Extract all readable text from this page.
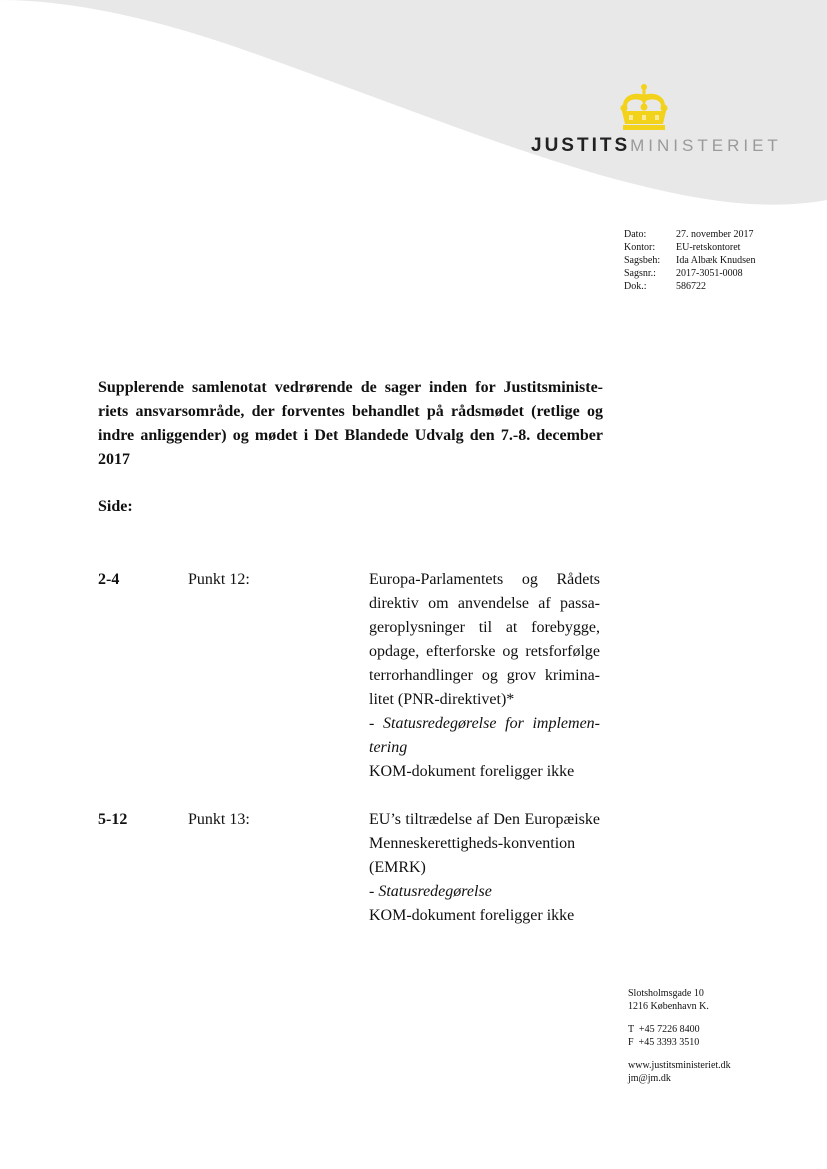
JUSTITSMINISTERIET
Dato:	27. november 2017
Kontor:	EU-retskontoret
Sagsbeh:	Ida Albæk Knudsen
Sagsnr.:	2017-3051-0008
Dok.:	586722
Supplerende samlenotat vedrørende de sager inden for Justitsministe-riets ansvarsområde, der forventes behandlet på rådsmødet (retlige og indre anliggender) og mødet i Det Blandede Udvalg den 7.-8. december 2017
Side:
2-4	Punkt 12:	Europa-Parlamentets og Rådets direktiv om anvendelse af passa-geroplysninger til at forebygge, opdage, efterforske og retsforfølge terrorhandlinger og grov krimina-litet (PNR-direktivet)*
- Statusredegørelse for implemen-tering
KOM-dokument foreligger ikke
5-12	Punkt 13:	EU’s tiltrædelse af Den Europæiske Menneskerettigheds-konvention (EMRK)
- Statusredegørelse
KOM-dokument foreligger ikke
Slotsholmsgade 10
1216 København K.
T  +45 7226 8400
F  +45 3393 3510
www.justitsministeriet.dk
jm@jm.dk
